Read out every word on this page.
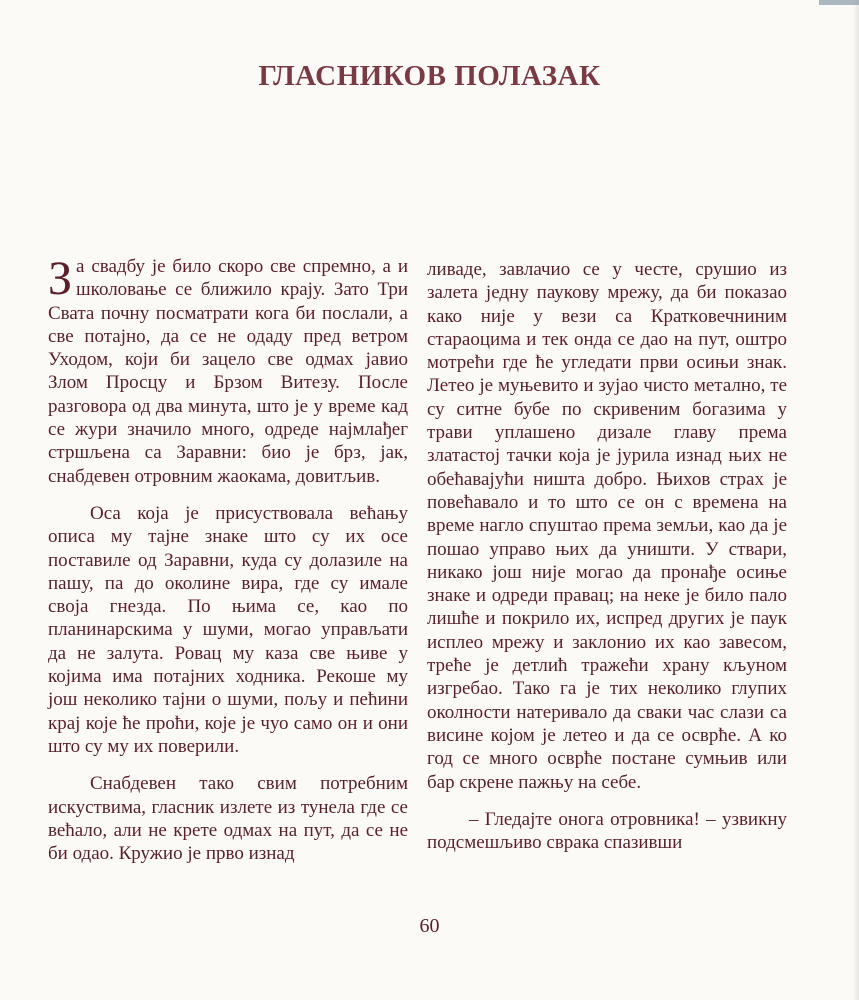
ГЛАСНИКОВ ПОЛАЗАК

За свадбу је било скоро све спремно, а и школовање се ближило крају. Зато Три Свата почну посматрати кога би послали, а све потајно, да се не одаду пред ветром Уходом, који би зацело све одмах јавио Злом Просцу и Брзом Витезу. После разговора од два минута, што је у време кад се жури значило много, одреде најмлађег стршљена са Заравни: био је брз, јак, снабдевен отровним жаокама, довитљив.

Оса која је присуствовала већању описа му тајне знаке што су их осе поставиле од Заравни, куда су долазиле на пашу, па до околине вира, где су имале своја гнезда. По њима се, као по планинарскима у шуми, могао управљати да не залута. Ровац му каза све њиве у којима има потајних ходника. Рекоше му још неколико тајни о шуми, пољу и пећини крај које ће проћи, које је чуо само он и они што су му их поверили.

Снабдевен тако свим потребним искуствима, гласник излете из тунела где се већало, али не крете одмах на пут, да се не би одао. Кружио је прво изнад

ливаде, завлачио се у честе, срушио из залета једну паукову мрежу, да би показао како није у вези са Краткoвечниним старaоцима и тек онда се дао на пут, оштро мотрећи где ће угледати први осињи знак. Летео је муњевито и зујао чисто метално, те су ситне бубе по скривеним богазима у трави уплашено дизале главу према златастој тачки која је јурила изнад њих не обећавајући ништа добро. Њихов страх је повећавало и то што се он с времена на време нагло спуштао према земљи, као да је пошао управо њих да уништи. У ствари, никако још није могао да пронађе осиње знаке и одреди правац; на неке је било пало лишће и покрило их, испред других је паук исплео мрежу и заклонио их као завесом, треће је детлић тражећи храну кљуном изгребао. Тако га је тих неколико глупих околности натеривало да сваки час слази са висине којом је летео и да се освpће. А ко год се много освpће постане сумњив или бар скрене пажњу на себе.

– Гледајте онога отровника! – узвикну подсмешљиво сврака спазивши

60
